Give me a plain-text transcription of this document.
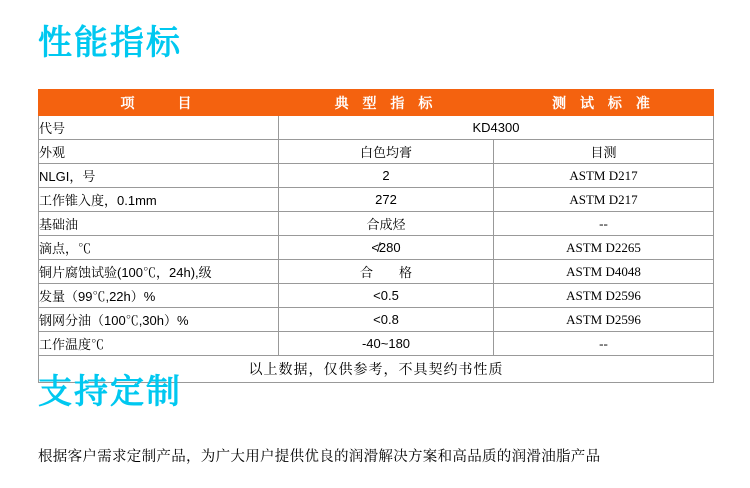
性能指标
项　　目	典 型 指 标	测 试 标 准
代号	KD4300	
外观	白色均膏	目测
NLGI，号	2	ASTM D217
工作锥入度，0.1mm	272	ASTM D217
基础油	合成烃	--
滴点，℃	≮280	ASTM D2265
铜片腐蚀试验(100℃，24h),级	合　　格	ASTM D4048
发量（99℃,22h）%	<0.5	ASTM D2596
钢网分油（100℃,30h）%	<0.8	ASTM D2596
工作温度℃	-40~180	--
以上数据，仅供参考，不具契约书性质		
支持定制
根据客户需求定制产品，为广大用户提供优良的润滑解决方案和高品质的润滑油脂产品
